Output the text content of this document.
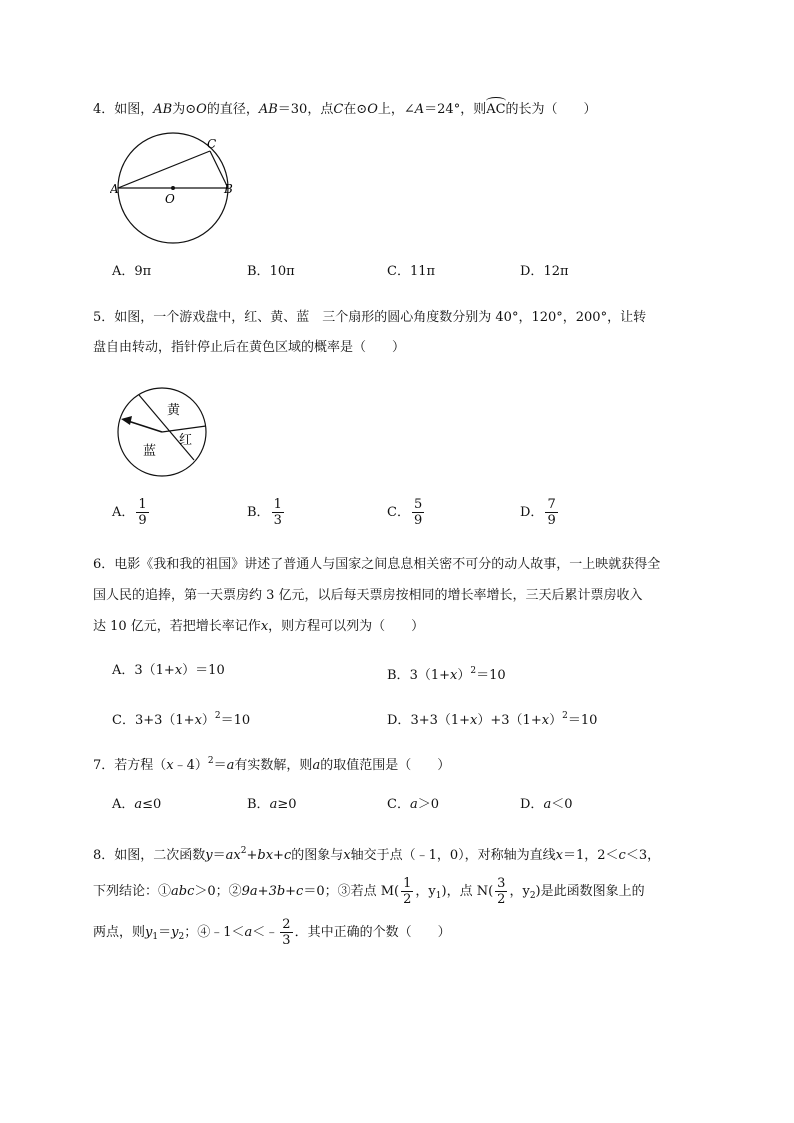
4．如图，AB为⊙O的直径，AB＝30，点C在⊙O上，∠A＝24°，则AC的长为（　　）
A	B
C
O
A．9π	B．10π	C．11π	D．12π
5．如图，一个游戏盘中，红、黄、蓝　三个扇形的圆心角度数分别为 40°，120°，200°，让转
盘自由转动，指针停止后在黄色区域的概率是（　　）
黄
红
蓝
A． $\frac{1}{9}$	B． $\frac{1}{3}$	C． $\frac{5}{9}$	D． $\frac{7}{9}$
6．电影《我和我的祖国》讲述了普通人与国家之间息息相关密不可分的动人故事，一上映就获得全
国人民的追捧，第一天票房约 3 亿元，以后每天票房按相同的增长率增长，三天后累计票房收入
达 10 亿元，若把增长率记作x，则方程可以列为（　　）
A．3（1+x）＝10	B．$3(1+x)^2=10$
C．$3+3(1+x)^2=10$	D．$3+3(1+x)+3(1+x)^2=10$
7．若方程（x﹣4）$^2$＝a有实数解，则a的取值范围是（　　）
A．a≤0	B．a≥0	C．a＞0	D．a＜0
8．如图，二次函数$y=ax^2+bx+c$的图象与x轴交于点（﹣1，0），对称轴为直线x＝1，2＜c＜3，
下列结论：①abc＞0；②9a+3b+c＝0；③若点 $M( \frac{1}{2}$ ，$y_1$)，点 $N( \frac{3}{2}$ ，$y_2$)是此函数图象上的
两点，则$y_1=y_2$；④﹣1＜a＜﹣ $\frac{2}{3}$ ．其中正确的个数（　　）
